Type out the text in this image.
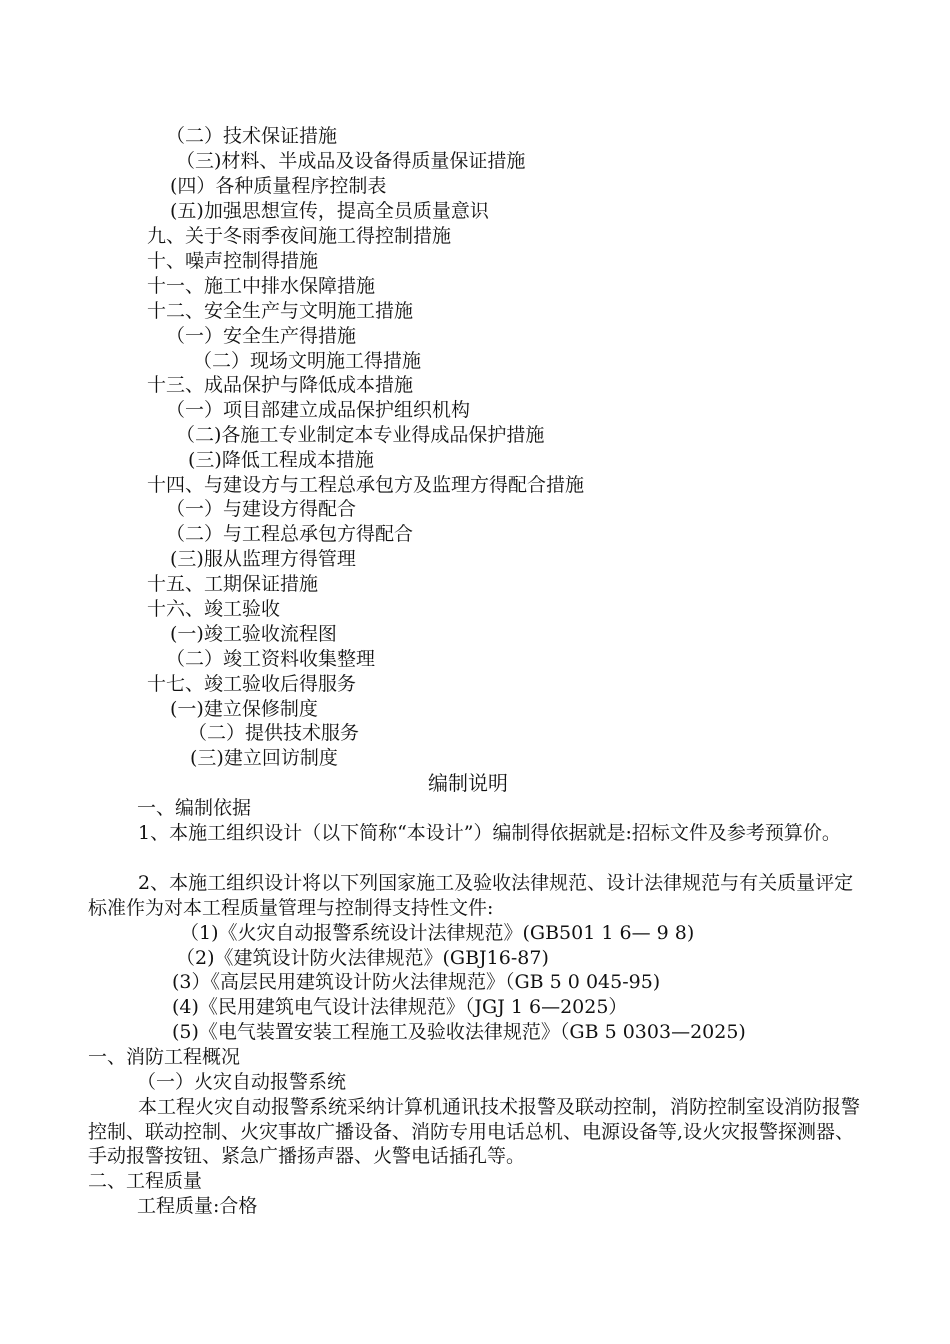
（二）技术保证措施
（三)材料、半成品及设备得质量保证措施
(四）各种质量程序控制表
(五)加强思想宣传，提高全员质量意识
九、关于冬雨季夜间施工得控制措施
十、噪声控制得措施
十一、施工中排水保障措施
十二、安全生产与文明施工措施
（一）安全生产得措施
（二）现场文明施工得措施
十三、成品保护与降低成本措施
（一）项目部建立成品保护组织机构
（二)各施工专业制定本专业得成品保护措施
(三)降低工程成本措施
十四、与建设方与工程总承包方及监理方得配合措施
（一）与建设方得配合
（二）与工程总承包方得配合
(三)服从监理方得管理
十五、工期保证措施
十六、竣工验收
(一)竣工验收流程图
（二）竣工资料收集整理
十七、竣工验收后得服务
(一)建立保修制度
（二）提供技术服务
(三)建立回访制度
编制说明
一、编制依据
1、本施工组织设计（以下简称“本设计”）编制得依据就是:招标文件及参考预算价。
2、本施工组织设计将以下列国家施工及验收法律规范、设计法律规范与有关质量评定标准作为对本工程质量管理与控制得支持性文件:
（1)《火灾自动报警系统设计法律规范》(GB501 1 6— 9 8)
（2)《建筑设计防火法律规范》(GBJ16-87)
(3）《高层民用建筑设计防火法律规范》（GB 5 0 045-95)
(4)《民用建筑电气设计法律规范》（JGJ 1 6—2025）
(5)《电气装置安装工程施工及验收法律规范》（GB 5 0303—2025)
一、消防工程概况
（一）火灾自动报警系统
本工程火灾自动报警系统采纳计算机通讯技术报警及联动控制，消防控制室设消防报警控制、联动控制、火灾事故广播设备、消防专用电话总机、电源设备等,设火灾报警探测器、手动报警按钮、紧急广播扬声器、火警电话插孔等。
二、工程质量
工程质量:合格
